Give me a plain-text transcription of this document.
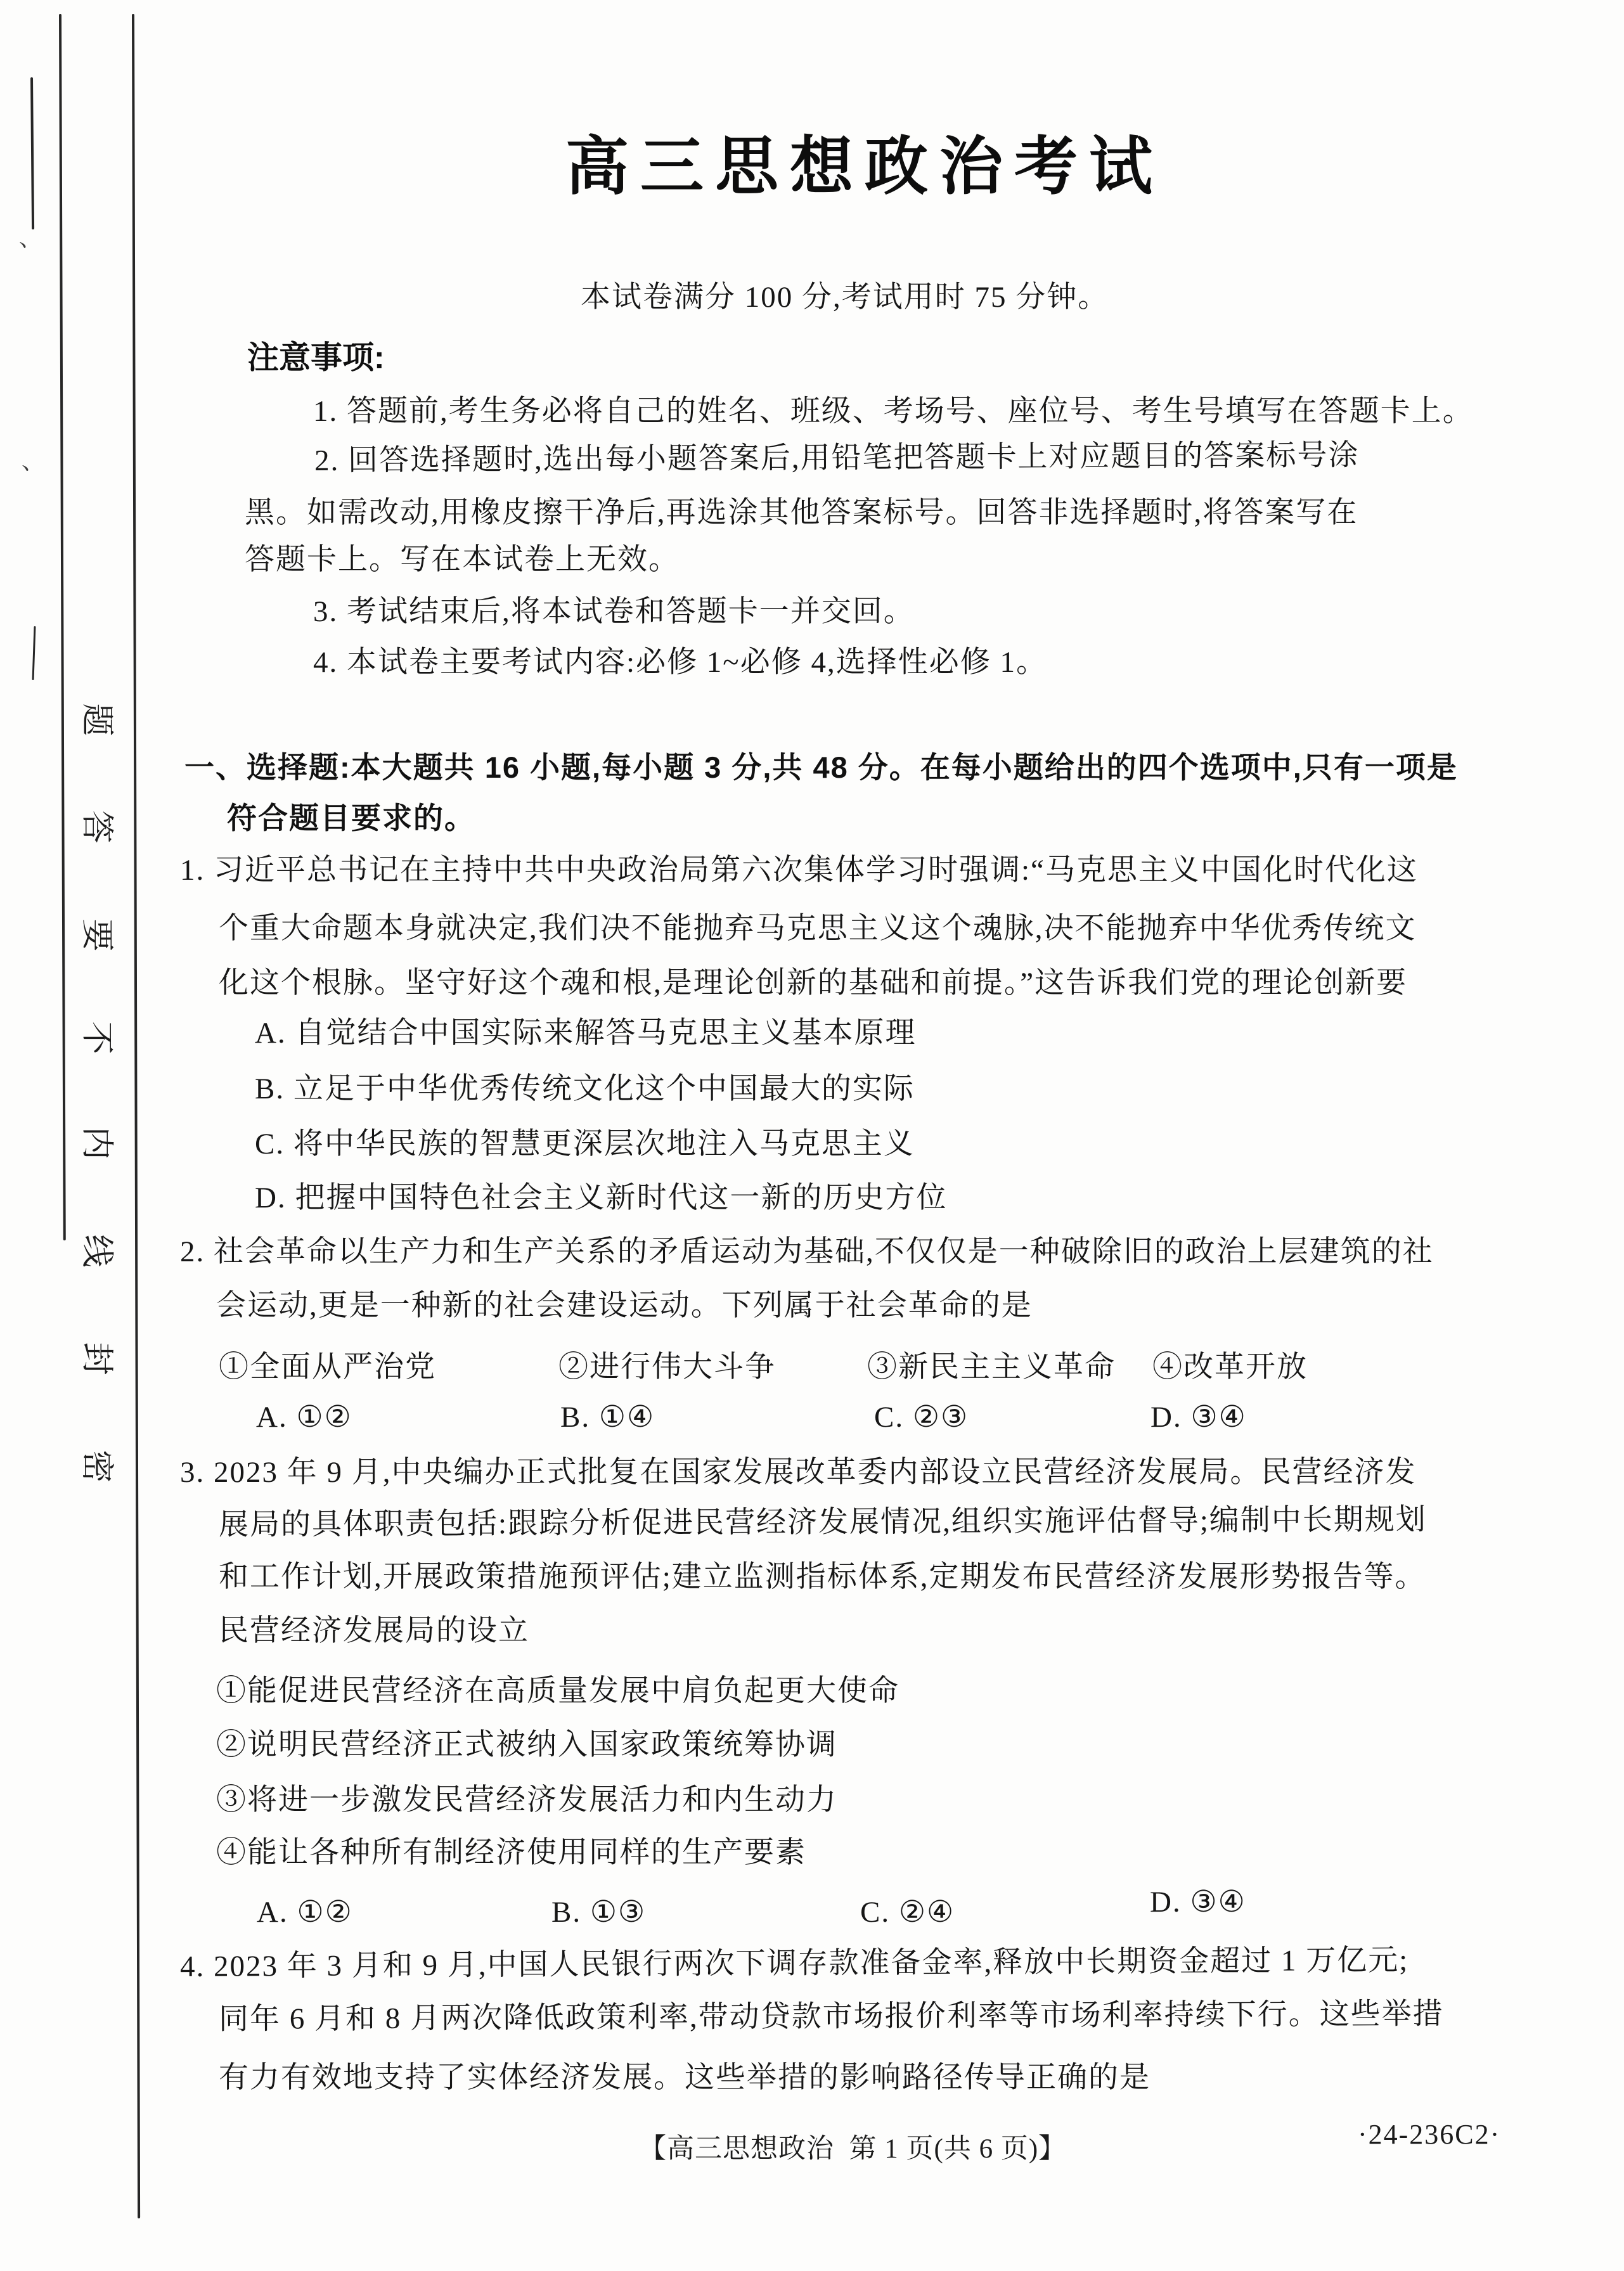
题
答
要
不
内
线
封
密
、
、
高三思想政治考试
本试卷满分 100 分,考试用时 75 分钟。
注意事项:
1. 答题前,考生务必将自己的姓名、班级、考场号、座位号、考生号填写在答题卡上。
2. 回答选择题时,选出每小题答案后,用铅笔把答题卡上对应题目的答案标号涂
黑。如需改动,用橡皮擦干净后,再选涂其他答案标号。回答非选择题时,将答案写在
答题卡上。写在本试卷上无效。
3. 考试结束后,将本试卷和答题卡一并交回。
4. 本试卷主要考试内容:必修 1~必修 4,选择性必修 1。
一、选择题:本大题共 16 小题,每小题 3 分,共 48 分。在每小题给出的四个选项中,只有一项是
符合题目要求的。
1. 习近平总书记在主持中共中央政治局第六次集体学习时强调:“马克思主义中国化时代化这
个重大命题本身就决定,我们决不能抛弃马克思主义这个魂脉,决不能抛弃中华优秀传统文
化这个根脉。坚守好这个魂和根,是理论创新的基础和前提。”这告诉我们党的理论创新要
A. 自觉结合中国实际来解答马克思主义基本原理
B. 立足于中华优秀传统文化这个中国最大的实际
C. 将中华民族的智慧更深层次地注入马克思主义
D. 把握中国特色社会主义新时代这一新的历史方位
2. 社会革命以生产力和生产关系的矛盾运动为基础,不仅仅是一种破除旧的政治上层建筑的社
会运动,更是一种新的社会建设运动。下列属于社会革命的是
①全面从严治党	②进行伟大斗争	③新民主主义革命 ④改革开放
A. ①②	B. ①④	C. ②③	D. ③④
3. 2023 年 9 月,中央编办正式批复在国家发展改革委内部设立民营经济发展局。民营经济发
展局的具体职责包括:跟踪分析促进民营经济发展情况,组织实施评估督导;编制中长期规划
和工作计划,开展政策措施预评估;建立监测指标体系,定期发布民营经济发展形势报告等。
民营经济发展局的设立
①能促进民营经济在高质量发展中肩负起更大使命
②说明民营经济正式被纳入国家政策统筹协调
③将进一步激发民营经济发展活力和内生动力
④能让各种所有制经济使用同样的生产要素
A. ①②	B. ①③	C. ②④	D. ③④
4. 2023 年 3 月和 9 月,中国人民银行两次下调存款准备金率,释放中长期资金超过 1 万亿元;
同年 6 月和 8 月两次降低政策利率,带动贷款市场报价利率等市场利率持续下行。这些举措
有力有效地支持了实体经济发展。这些举措的影响路径传导正确的是
【高三思想政治  第 1 页(共 6 页)】	·24-236C2·
